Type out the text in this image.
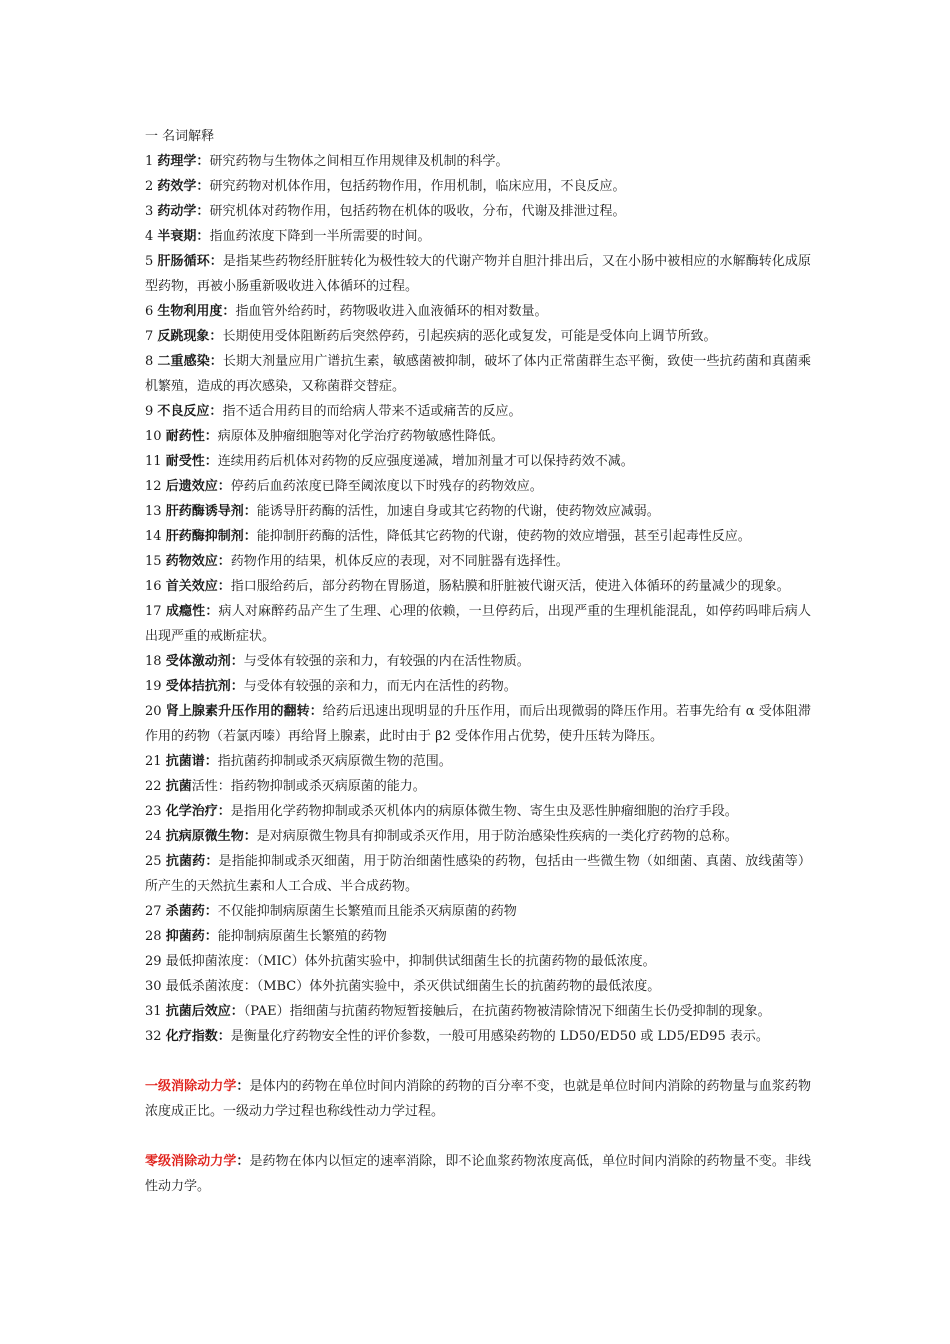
一 名词解释

1 药理学：研究药物与生物体之间相互作用规律及机制的科学。

2 药效学：研究药物对机体作用，包括药物作用，作用机制，临床应用，不良反应。

3 药动学：研究机体对药物作用，包括药物在机体的吸收，分布，代谢及排泄过程。

4 半衰期：指血药浓度下降到一半所需要的时间。

5 肝肠循环：是指某些药物经肝脏转化为极性较大的代谢产物并自胆汁排出后，又在小肠中被相应的水解酶转化成原型药物，再被小肠重新吸收进入体循环的过程。

6 生物利用度：指血管外给药时，药物吸收进入血液循环的相对数量。

7 反跳现象：长期使用受体阻断药后突然停药，引起疾病的恶化或复发，可能是受体向上调节所致。

8 二重感染：长期大剂量应用广谱抗生素，敏感菌被抑制，破坏了体内正常菌群生态平衡，致使一些抗药菌和真菌乘机繁殖，造成的再次感染，又称菌群交替症。

9 不良反应：指不适合用药目的而给病人带来不适或痛苦的反应。

10 耐药性：病原体及肿瘤细胞等对化学治疗药物敏感性降低。

11 耐受性：连续用药后机体对药物的反应强度递减，增加剂量才可以保持药效不减。

12 后遗效应：停药后血药浓度已降至阈浓度以下时残存的药物效应。

13 肝药酶诱导剂：能诱导肝药酶的活性，加速自身或其它药物的代谢，使药物效应减弱。

14 肝药酶抑制剂：能抑制肝药酶的活性，降低其它药物的代谢，使药物的效应增强，甚至引起毒性反应。

15 药物效应：药物作用的结果，机体反应的表现，对不同脏器有选择性。

16 首关效应：指口服给药后，部分药物在胃肠道，肠粘膜和肝脏被代谢灭活，使进入体循环的药量减少的现象。

17 成瘾性：病人对麻醉药品产生了生理、心理的依赖，一旦停药后，出现严重的生理机能混乱，如停药吗啡后病人出现严重的戒断症状。

18 受体激动剂：与受体有较强的亲和力，有较强的内在活性物质。

19 受体拮抗剂：与受体有较强的亲和力，而无内在活性的药物。

20 肾上腺素升压作用的翻转：给药后迅速出现明显的升压作用，而后出现微弱的降压作用。若事先给有 α 受体阻滞作用的药物（若氯丙嗪）再给肾上腺素，此时由于 β2 受体作用占优势，使升压转为降压。

21 抗菌谱：指抗菌药抑制或杀灭病原微生物的范围。

22 抗菌活性：指药物抑制或杀灭病原菌的能力。

23 化学治疗：是指用化学药物抑制或杀灭机体内的病原体微生物、寄生虫及恶性肿瘤细胞的治疗手段。

24 抗病原微生物：是对病原微生物具有抑制或杀灭作用，用于防治感染性疾病的一类化疗药物的总称。

25 抗菌药：是指能抑制或杀灭细菌，用于防治细菌性感染的药物，包括由一些微生物（如细菌、真菌、放线菌等）所产生的天然抗生素和人工合成、半合成药物。

27 杀菌药：不仅能抑制病原菌生长繁殖而且能杀灭病原菌的药物

28 抑菌药：能抑制病原菌生长繁殖的药物

29 最低抑菌浓度：（MIC）体外抗菌实验中，抑制供试细菌生长的抗菌药物的最低浓度。

30 最低杀菌浓度：（MBC）体外抗菌实验中，杀灭供试细菌生长的抗菌药物的最低浓度。

31 抗菌后效应：（PAE）指细菌与抗菌药物短暂接触后，在抗菌药物被清除情况下细菌生长仍受抑制的现象。

32 化疗指数：是衡量化疗药物安全性的评价参数，一般可用感染药物的 LD50/ED50 或 LD5/ED95 表示。

一级消除动力学：是体内的药物在单位时间内消除的药物的百分率不变，也就是单位时间内消除的药物量与血浆药物浓度成正比。一级动力学过程也称线性动力学过程。

零级消除动力学：是药物在体内以恒定的速率消除，即不论血浆药物浓度高低，单位时间内消除的药物量不变。非线性动力学。
